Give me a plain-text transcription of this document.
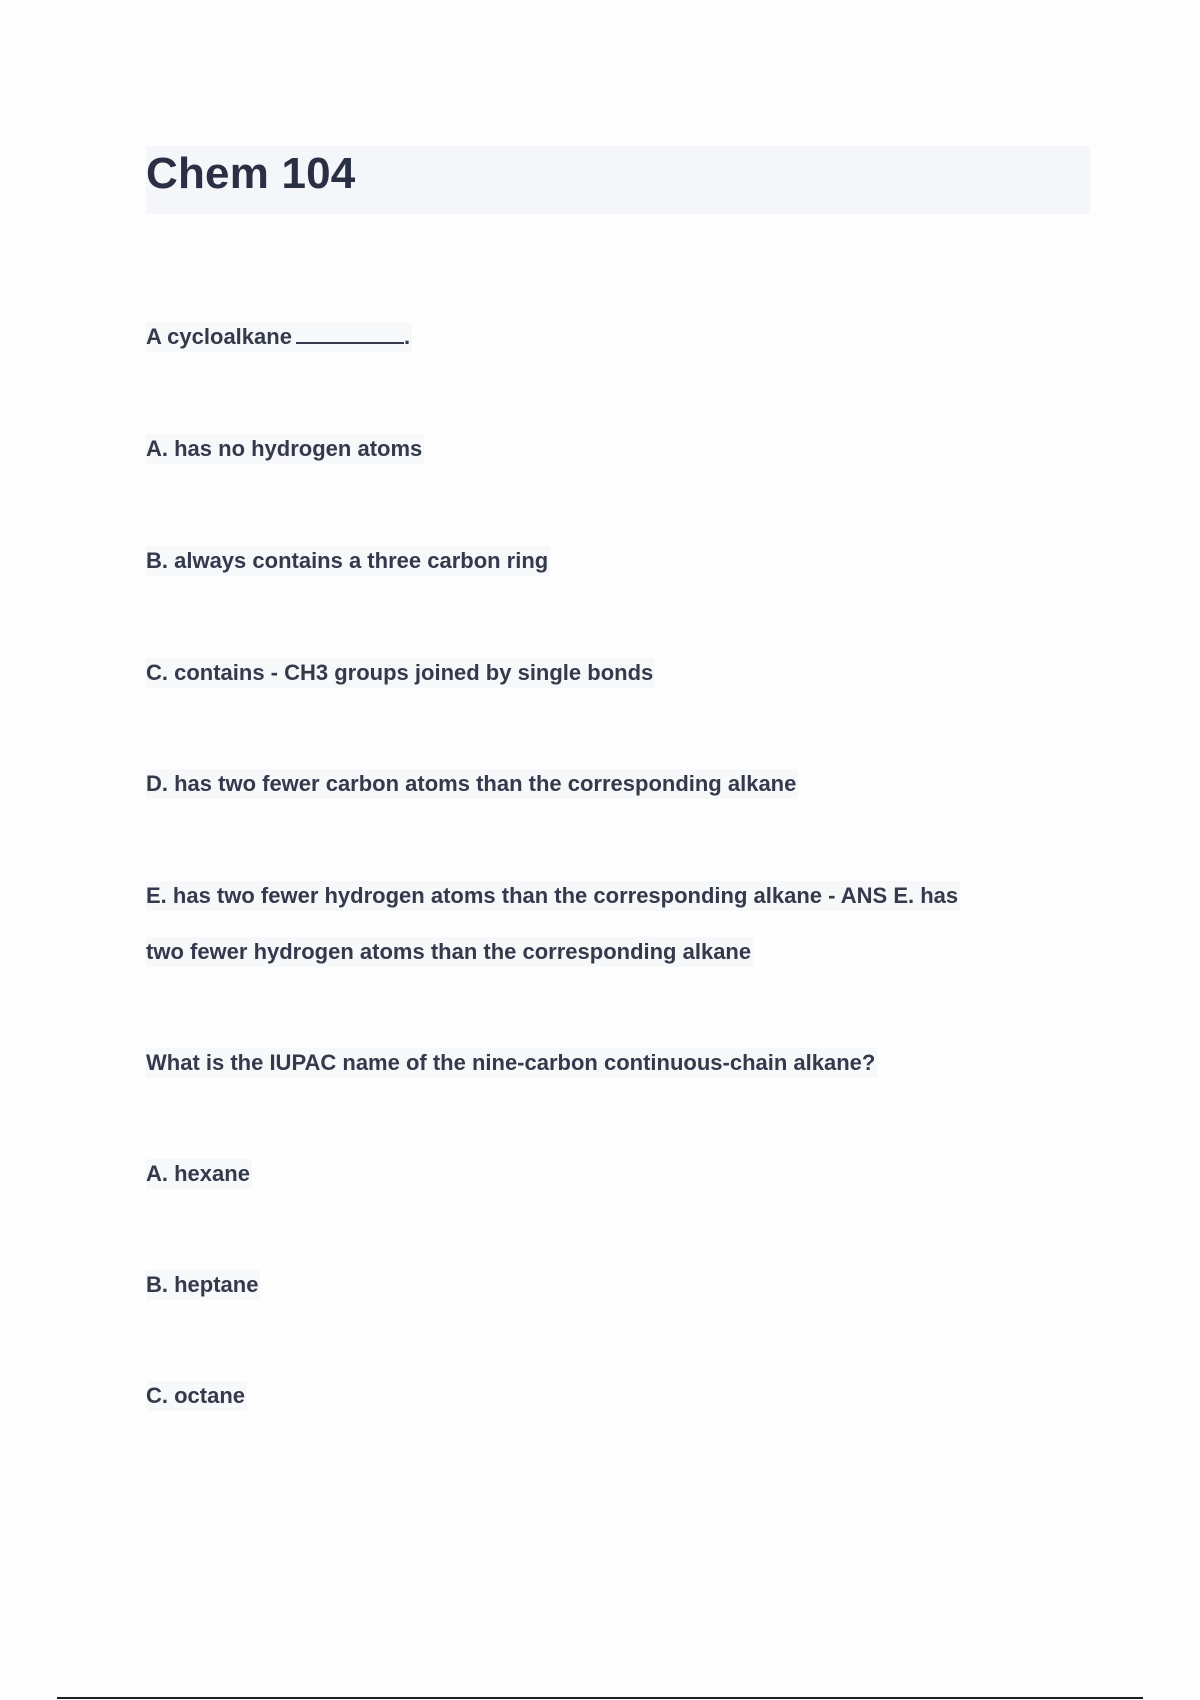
Chem 104
A cycloalkane	.
A. has no hydrogen atoms
B. always contains a three carbon ring
C. contains - CH3 groups joined by single bonds
D. has two fewer carbon atoms than the corresponding alkane
E. has two fewer hydrogen atoms than the corresponding alkane - ANS E. has
two fewer hydrogen atoms than the corresponding alkane
What is the IUPAC name of the nine-carbon continuous-chain alkane?
A. hexane
B. heptane
C. octane
